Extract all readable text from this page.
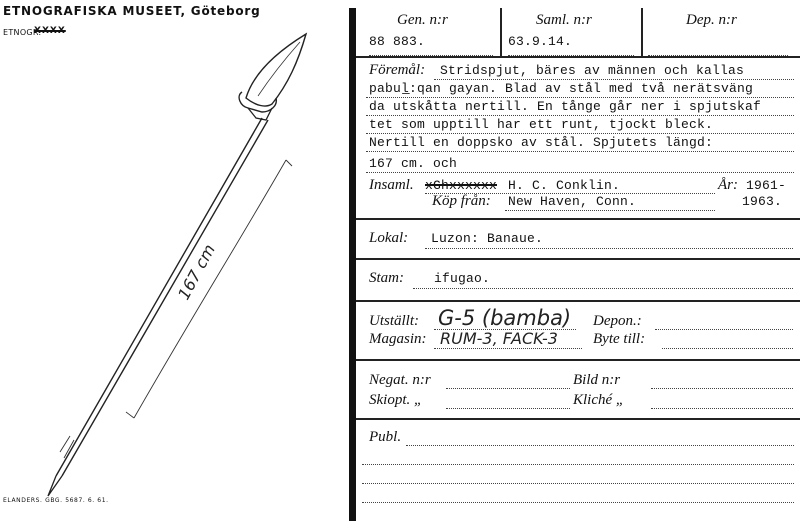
ETNOGRAFISKA MUSEET, Göteborg
ETNOGR.
XXXX
ELANDERS. GBG. 5687. 6. 61.
167 cm
Gen. n:r	Saml. n:r	Dep. n:r
88 883.	63.9.14.
Föremål: Stridspjut, bäres av männen och kallas
pabul̲:qan gayan. Blad av stål med två nerätsväng
da utskåtta nertill. En tånge går ner i spjutskaf
tet som upptill har ett runt, tjockt bleck.
Nertill en doppsko av stål. Spjutets längd:
167 cm. och
Insaml. xGhxxxxxx H. C. Conklin.	År: 1961-
Köp från: New Haven, Conn.	1963.
Lokal: Luzon: Banaue.
Stam: ifugao.
Utställt: G-5 (bamba) Depon.:
Magasin: RUM-3, FACK-3 Byte till:
Negat. n:r	Bild n:r
Skiopt. „	Kliché „
Publ.
